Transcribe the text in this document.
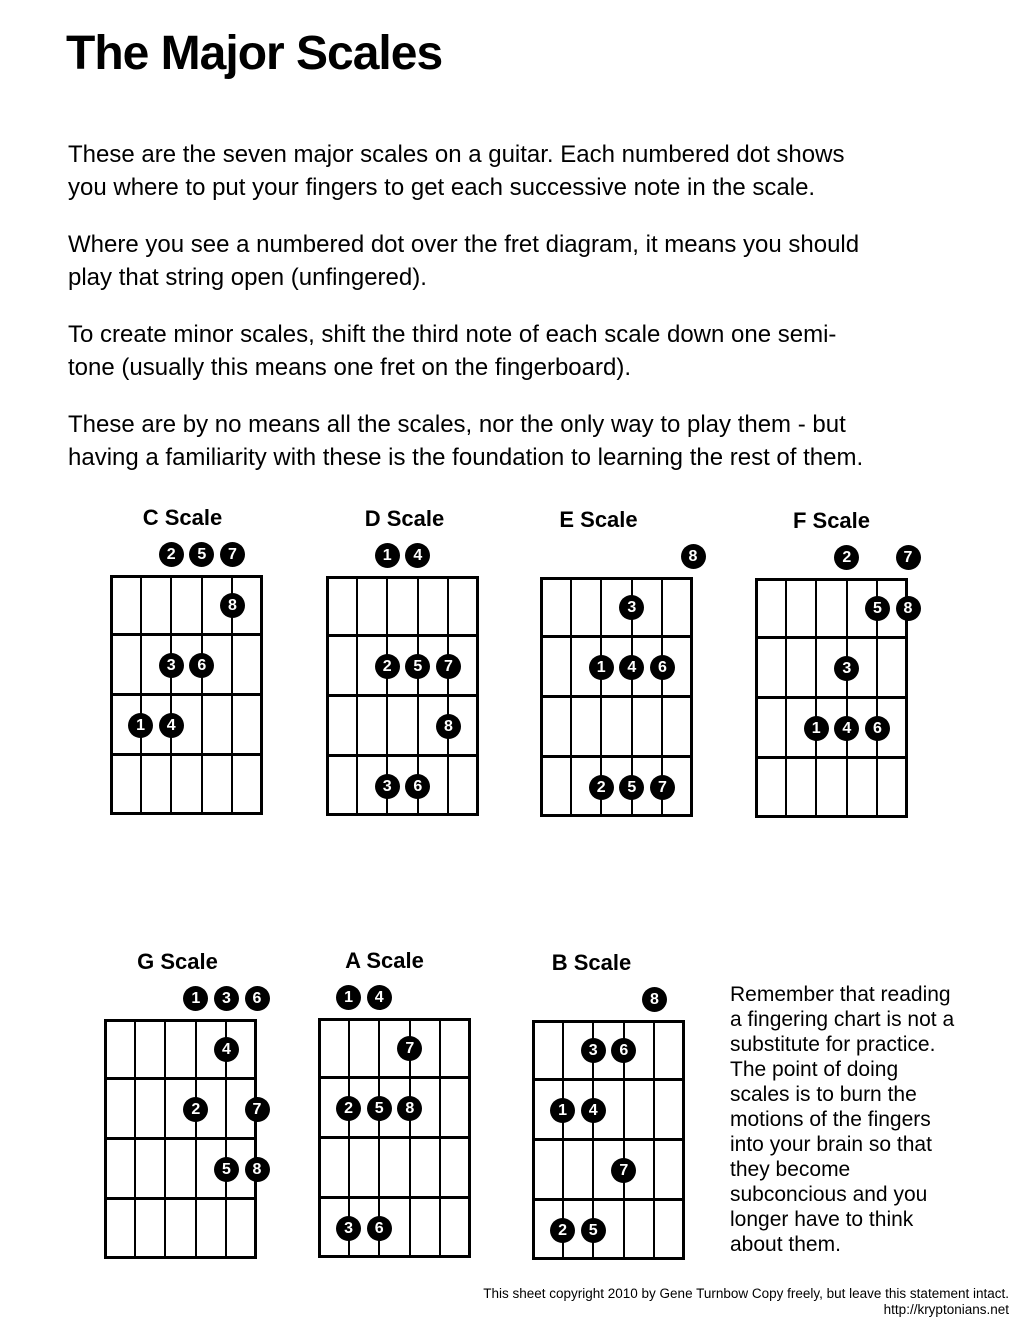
The Major Scales
These are the seven major scales on a guitar. Each numbered dot shows
you where to put your fingers to get each successive note in the scale.
Where you see a numbered dot over the fret diagram, it means you should
play that string open (unfingered).
To create minor scales, shift the third note of each scale down one semi-
tone (usually this means one fret on the fingerboard).
These are by no means all the scales, nor the only way to play them - but
having a familiarity with these is the foundation to learning the rest of them.
C Scale
2	5	7
8
3	6
1	4
D Scale
1	4
2	5	7
8
3	6
E Scale
8
3
1	4	6
2	5	7
F Scale
2	7
5	8
3
1	4	6
G Scale
1	3	6
4
2	7
5	8
A Scale
1	4
7
2	5	8
3	6
B Scale
8
3	6
1	4
7
2	5
Remember that reading
a fingering chart is not a
substitute for practice.
The point of doing
scales is to burn the
motions of the fingers
into your brain so that
they become
subconcious and you
longer have to think
about them.
This sheet copyright 2010 by Gene Turnbow Copy freely, but leave this statement intact.
http://kryptonians.net
